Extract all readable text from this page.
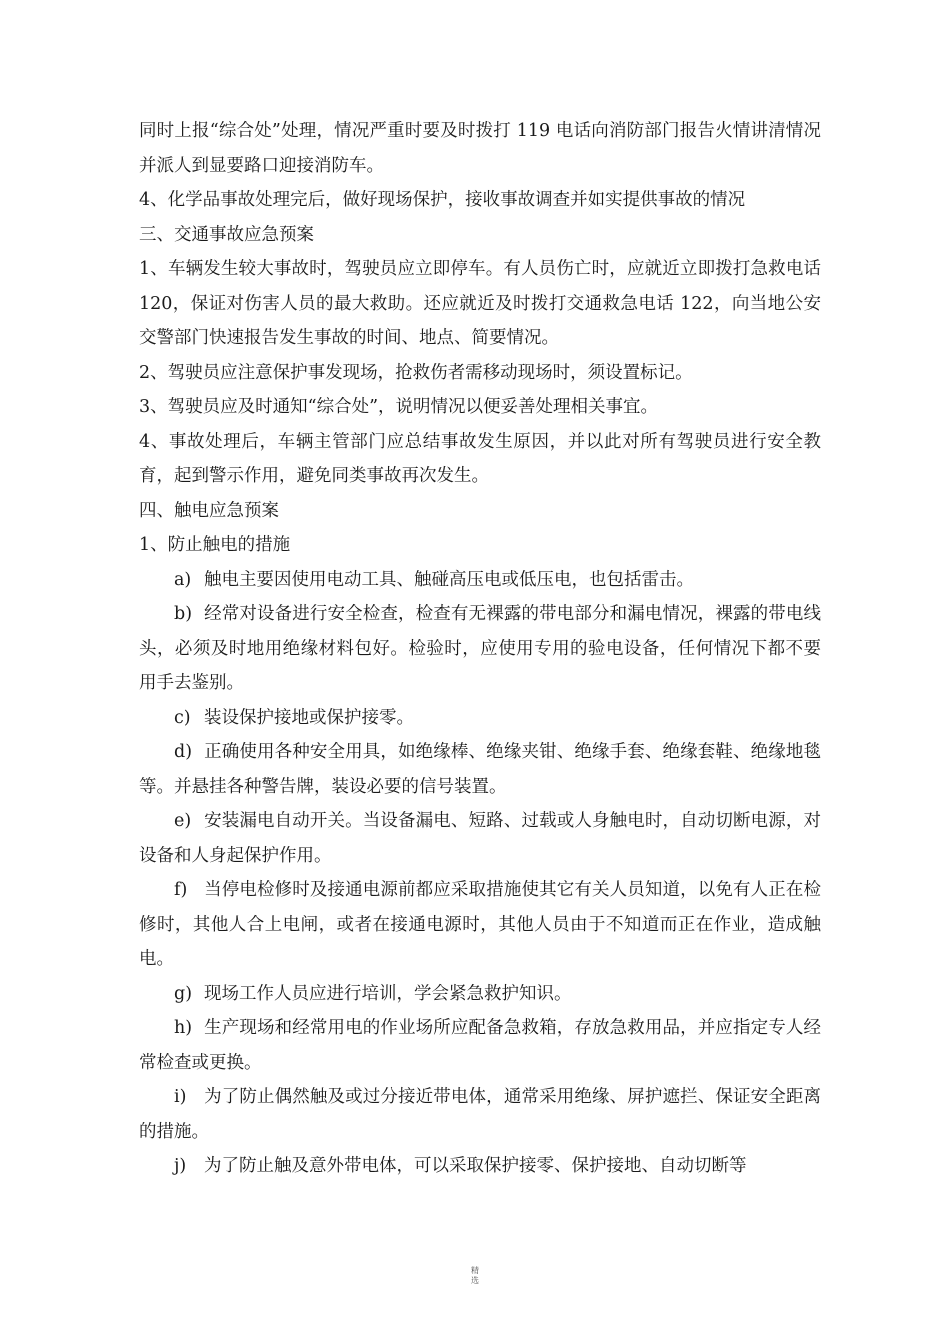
同时上报“综合处”处理，情况严重时要及时拨打 119 电话向消防部门报告火情讲清情况并派人到显要路口迎接消防车。

4、化学品事故处理完后，做好现场保护，接收事故调查并如实提供事故的情况

三、交通事故应急预案

1、车辆发生较大事故时，驾驶员应立即停车。有人员伤亡时，应就近立即拨打急救电话 120，保证对伤害人员的最大救助。还应就近及时拨打交通救急电话 122，向当地公安交警部门快速报告发生事故的时间、地点、简要情况。

2、驾驶员应注意保护事发现场，抢救伤者需移动现场时，须设置标记。

3、驾驶员应及时通知“综合处”，说明情况以便妥善处理相关事宜。

4、事故处理后，车辆主管部门应总结事故发生原因，并以此对所有驾驶员进行安全教育，起到警示作用，避免同类事故再次发生。

四、触电应急预案

1、防止触电的措施

a) 触电主要因使用电动工具、触碰高压电或低压电，也包括雷击。

b) 经常对设备进行安全检查，检查有无裸露的带电部分和漏电情况，裸露的带电线头，必须及时地用绝缘材料包好。检验时，应使用专用的验电设备，任何情况下都不要用手去鉴别。

c) 装设保护接地或保护接零。

d) 正确使用各种安全用具，如绝缘棒、绝缘夹钳、绝缘手套、绝缘套鞋、绝缘地毯等。并悬挂各种警告牌，装设必要的信号装置。

e) 安装漏电自动开关。当设备漏电、短路、过载或人身触电时，自动切断电源，对设备和人身起保护作用。

f) 当停电检修时及接通电源前都应采取措施使其它有关人员知道，以免有人正在检修时，其他人合上电闸，或者在接通电源时，其他人员由于不知道而正在作业，造成触电。

g) 现场工作人员应进行培训，学会紧急救护知识。

h) 生产现场和经常用电的作业场所应配备急救箱，存放急救用品，并应指定专人经常检查或更换。

i) 为了防止偶然触及或过分接近带电体，通常采用绝缘、屏护遮拦、保证安全距离的措施。

j) 为了防止触及意外带电体，可以采取保护接零、保护接地、自动切断等

精
选
